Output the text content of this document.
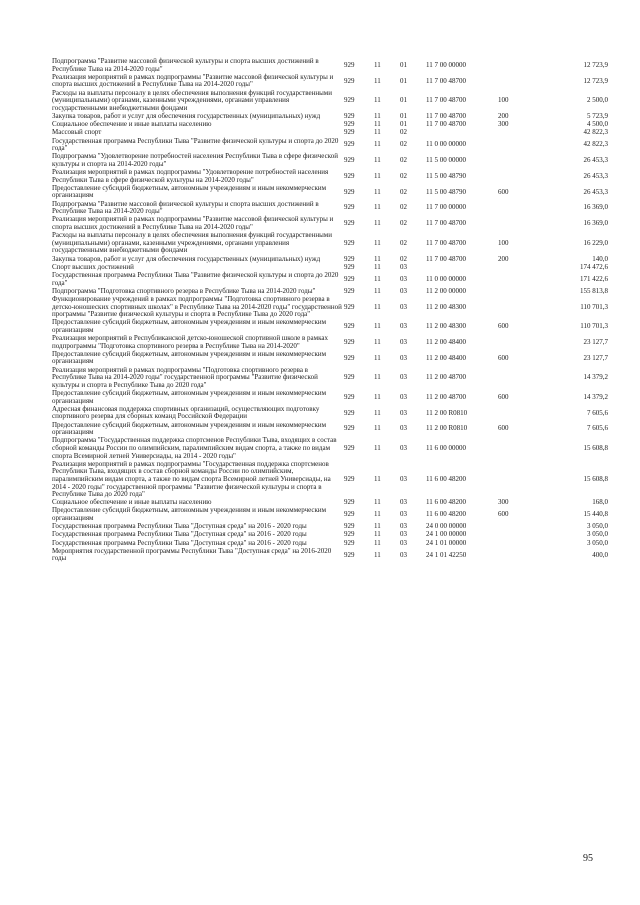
Подпрограмма "Развитие массовой физической культуры и спорта высших достижений в Республике Тыва на 2014-2020 годы"	929	11	01	11 7 00 00000		12 723,9
Реализация мероприятий в рамках подпрограммы "Развитие массовой физической культуры и спорта высших достижений в Республике Тыва на 2014-2020 годы"	929	11	01	11 7 00 48700		12 723,9
Расходы на выплаты персоналу в целях обеспечения выполнения функций государственными (муниципальными) органами, казенными учреждениями, органами управления государственными внебюджетными фондами	929	11	01	11 7 00 48700	100	2 500,0
Закупка товаров, работ и услуг для обеспечения государственных (муниципальных) нужд	929	11	01	11 7 00 48700	200	5 723,9
Социальное обеспечение и иные выплаты населению	929	11	01	11 7 00 48700	300	4 500,0
Массовый спорт	929	11	02			42 822,3
Государственная программа Республики Тыва "Развитие физической культуры и спорта до 2020 года"	929	11	02	11 0 00 00000		42 822,3
Подпрограмма "Удовлетворение потребностей населения Республики Тыва в сфере физической культуры и спорта на 2014-2020 годы"	929	11	02	11 5 00 00000		26 453,3
Реализация мероприятий в рамках подпрограммы "Удовлетворение потребностей населения Республики Тыва в сфере физической культуры на 2014-2020 годы"	929	11	02	11 5 00 48790		26 453,3
Предоставление субсидий бюджетным, автономным учреждениям и иным некоммерческим организациям	929	11	02	11 5 00 48790	600	26 453,3
Подпрограмма "Развитие массовой физической культуры и спорта высших достижений в Республике Тыва на 2014-2020 годы"	929	11	02	11 7 00 00000		16 369,0
Реализация мероприятий в рамках подпрограммы "Развитие массовой физической культуры и спорта высших достижений в Республике Тыва на 2014-2020 годы"	929	11	02	11 7 00 48700		16 369,0
Расходы на выплаты персоналу в целях обеспечения выполнения функций государственными (муниципальными) органами, казенными учреждениями, органами управления государственными внебюджетными фондами	929	11	02	11 7 00 48700	100	16 229,0
Закупка товаров, работ и услуг для обеспечения государственных (муниципальных) нужд	929	11	02	11 7 00 48700	200	140,0
Спорт высших достижений	929	11	03			174 472,6
Государственная программа Республики Тыва "Развитие физической культуры и спорта до 2020 года"	929	11	03	11 0 00 00000		171 422,6
Подпрограмма "Подготовка спортивного резерва в Республике Тыва на 2014-2020 годы"	929	11	03	11 2 00 00000		155 813,8
Функционирование учреждений в рамках подпрограммы "Подготовка спортивного резерва в детско-юношеских спортивных школах" в Республике Тыва на 2014-2020 годы" государственной программы "Развитие физической культуры и спорта в Республике Тыва до 2020 года"	929	11	03	11 2 00 48300		110 701,3
Предоставление субсидий бюджетным, автономным учреждениям и иным некоммерческим организациям	929	11	03	11 2 00 48300	600	110 701,3
Реализация мероприятий в Республиканской детско-юношеской спортивной школе в рамках подпрограммы "Подготовка спортивного резерва в Республике Тыва на 2014-2020"	929	11	03	11 2 00 48400		23 127,7
Предоставление субсидий бюджетным, автономным учреждениям и иным некоммерческим организациям	929	11	03	11 2 00 48400	600	23 127,7
Реализация мероприятий в рамках подпрограммы "Подготовка спортивного резерва в Республике Тыва на 2014-2020 годы" государственной программы "Развитие физической культуры и спорта в Республике Тыва до 2020 года"	929	11	03	11 2 00 48700		14 379,2
Предоставление субсидий бюджетным, автономным учреждениям и иным некоммерческим организациям	929	11	03	11 2 00 48700	600	14 379,2
Адресная финансовая поддержка спортивных организаций, осуществляющих подготовку спортивного резерва для сборных команд Российской Федерации	929	11	03	11 2 00 R0810		7 605,6
Предоставление субсидий бюджетным, автономным учреждениям и иным некоммерческим организациям	929	11	03	11 2 00 R0810	600	7 605,6
Подпрограмма "Государственная поддержка спортсменов Республики Тыва, входящих в состав сборной команды России по олимпийским, паралимпийским видам спорта, а также по видам спорта Всемирной летней Универсиады, на 2014 - 2020 годы"	929	11	03	11 6 00 00000		15 608,8
Реализация мероприятий в рамках подпрограммы "Государственная поддержка спортсменов Республики Тыва, входящих в состав сборной команды России по олимпийским, паралимпийским видам спорта, а также по видам спорта Всемирной летней Универсиады, на 2014 - 2020 годы" государственной программы "Развитие физической культуры и спорта в Республике Тыва до 2020 года"	929	11	03	11 6 00 48200		15 608,8
Социальное обеспечение и иные выплаты населению	929	11	03	11 6 00 48200	300	168,0
Предоставление субсидий бюджетным, автономным учреждениям и иным некоммерческим организациям	929	11	03	11 6 00 48200	600	15 440,8
Государственная программа Республики Тыва "Доступная среда" на 2016 - 2020 годы	929	11	03	24 0 00 00000		3 050,0
Государственная программа Республики Тыва "Доступная среда" на 2016 - 2020 годы	929	11	03	24 1 00 00000		3 050,0
Государственная программа Республики Тыва "Доступная среда" на 2016 - 2020 годы	929	11	03	24 1 01 00000		3 050,0
Мероприятия государственной программы Республики Тыва "Доступная среда" на 2016-2020 годы	929	11	03	24 1 01 42250		400,0
95
